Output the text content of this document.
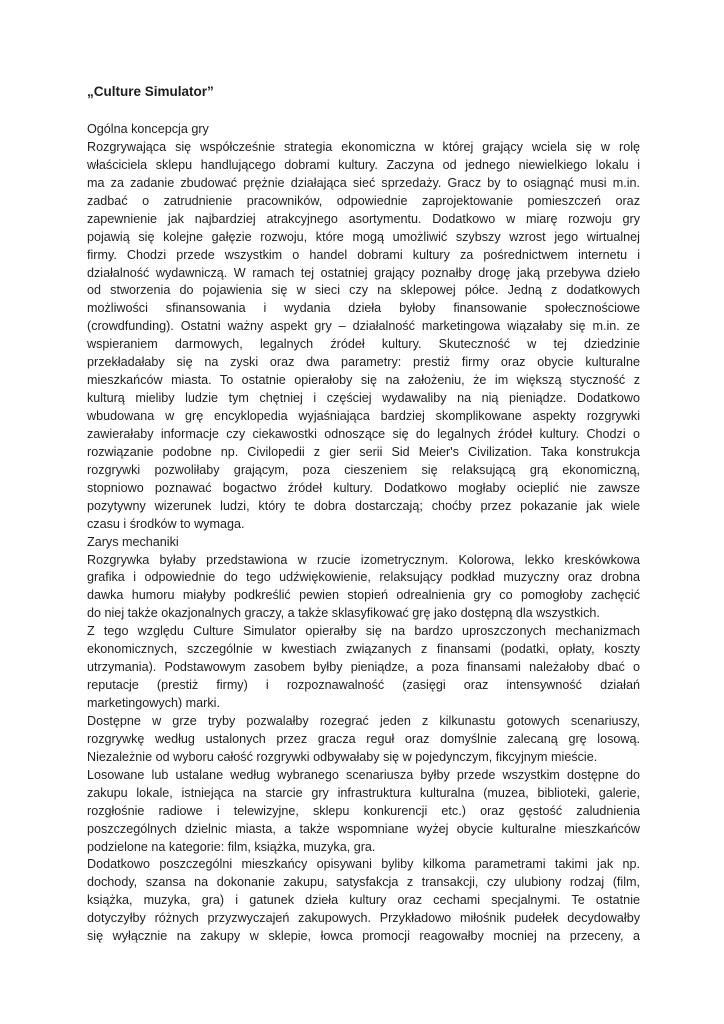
„Culture Simulator”
Ogólna koncepcja gry
Rozgrywająca się współcześnie strategia ekonomiczna w której grający wciela się w rolę
właściciela sklepu handlującego dobrami kultury. Zaczyna od jednego niewielkiego lokalu i
ma za zadanie zbudować prężnie działająca sieć sprzedaży. Gracz by to osiągnąć musi m.in.
zadbać o zatrudnienie pracowników, odpowiednie zaprojektowanie pomieszczeń oraz
zapewnienie jak najbardziej atrakcyjnego asortymentu. Dodatkowo w miarę rozwoju gry
pojawią się kolejne gałęzie rozwoju, które mogą umożliwić szybszy wzrost jego wirtualnej
firmy. Chodzi przede wszystkim o handel dobrami kultury za pośrednictwem internetu i
działalność wydawniczą. W ramach tej ostatniej grający poznałby drogę jaką przebywa dzieło
od stworzenia do pojawienia się w sieci czy na sklepowej półce. Jedną z dodatkowych
możliwości sfinansowania i wydania dzieła byłoby finansowanie społecznościowe
(crowdfunding). Ostatni ważny aspekt gry – działalność marketingowa wiązałaby się m.in. ze
wspieraniem darmowych, legalnych źródeł kultury. Skuteczność w tej dziedzinie
przekładałaby się na zyski oraz dwa parametry: prestiż firmy oraz obycie kulturalne
mieszkańców miasta. To ostatnie opierałoby się na założeniu, że im większą styczność z
kulturą mieliby ludzie tym chętniej i częściej wydawaliby na nią pieniądze. Dodatkowo
wbudowana w grę encyklopedia wyjaśniająca bardziej skomplikowane aspekty rozgrywki
zawierałaby informacje czy ciekawostki odnoszące się do legalnych źródeł kultury. Chodzi o
rozwiązanie podobne np. Civilopedii z gier serii Sid Meier's Civilization. Taka konstrukcja
rozgrywki pozwoliłaby grającym, poza cieszeniem się relaksującą grą ekonomiczną,
stopniowo poznawać bogactwo źródeł kultury. Dodatkowo mogłaby ocieplić nie zawsze
pozytywny wizerunek ludzi, który te dobra dostarczają; choćby przez pokazanie jak wiele
czasu i środków to wymaga.
Zarys mechaniki
Rozgrywka byłaby przedstawiona w rzucie izometrycznym. Kolorowa, lekko kreskówkowa
grafika i odpowiednie do tego udźwiękowienie, relaksujący podkład muzyczny oraz drobna
dawka humoru miałyby podkreślić pewien stopień odrealnienia gry co pomogłoby zachęcić
do niej także okazjonalnych graczy, a także sklasyfikować grę jako dostępną dla wszystkich.
Z tego względu Culture Simulator opierałby się na bardzo uproszczonych mechanizmach
ekonomicznych, szczególnie w kwestiach związanych z finansami (podatki, opłaty, koszty
utrzymania). Podstawowym zasobem byłby pieniądze, a poza finansami należałoby dbać o
reputacje (prestiż firmy) i rozpoznawalność (zasięgi oraz intensywność działań
marketingowych) marki.
Dostępne w grze tryby pozwalałby rozegrać jeden z kilkunastu gotowych scenariuszy,
rozgrywkę według ustalonych przez gracza reguł oraz domyślnie zalecaną grę losową.
Niezależnie od wyboru całość rozgrywki odbywałaby się w pojedynczym, fikcyjnym mieście.
Losowane lub ustalane według wybranego scenariusza byłby przede wszystkim dostępne do
zakupu lokale, istniejąca na starcie gry infrastruktura kulturalna (muzea, biblioteki, galerie,
rozgłośnie radiowe i telewizyjne, sklepu konkurencji etc.) oraz gęstość zaludnienia
poszczególnych dzielnic miasta, a także wspomniane wyżej obycie kulturalne mieszkańców
podzielone na kategorie: film, książka, muzyka, gra.
Dodatkowo poszczególni mieszkańcy opisywani byliby kilkoma parametrami takimi jak np.
dochody, szansa na dokonanie zakupu, satysfakcja z transakcji, czy ulubiony rodzaj (film,
książka, muzyka, gra) i gatunek dzieła kultury oraz cechami specjalnymi. Te ostatnie
dotyczyłby różnych przyzwyczajeń zakupowych. Przykładowo miłośnik pudełek decydowałby
się wyłącznie na zakupy w sklepie, łowca promocji reagowałby mocniej na przeceny, a
